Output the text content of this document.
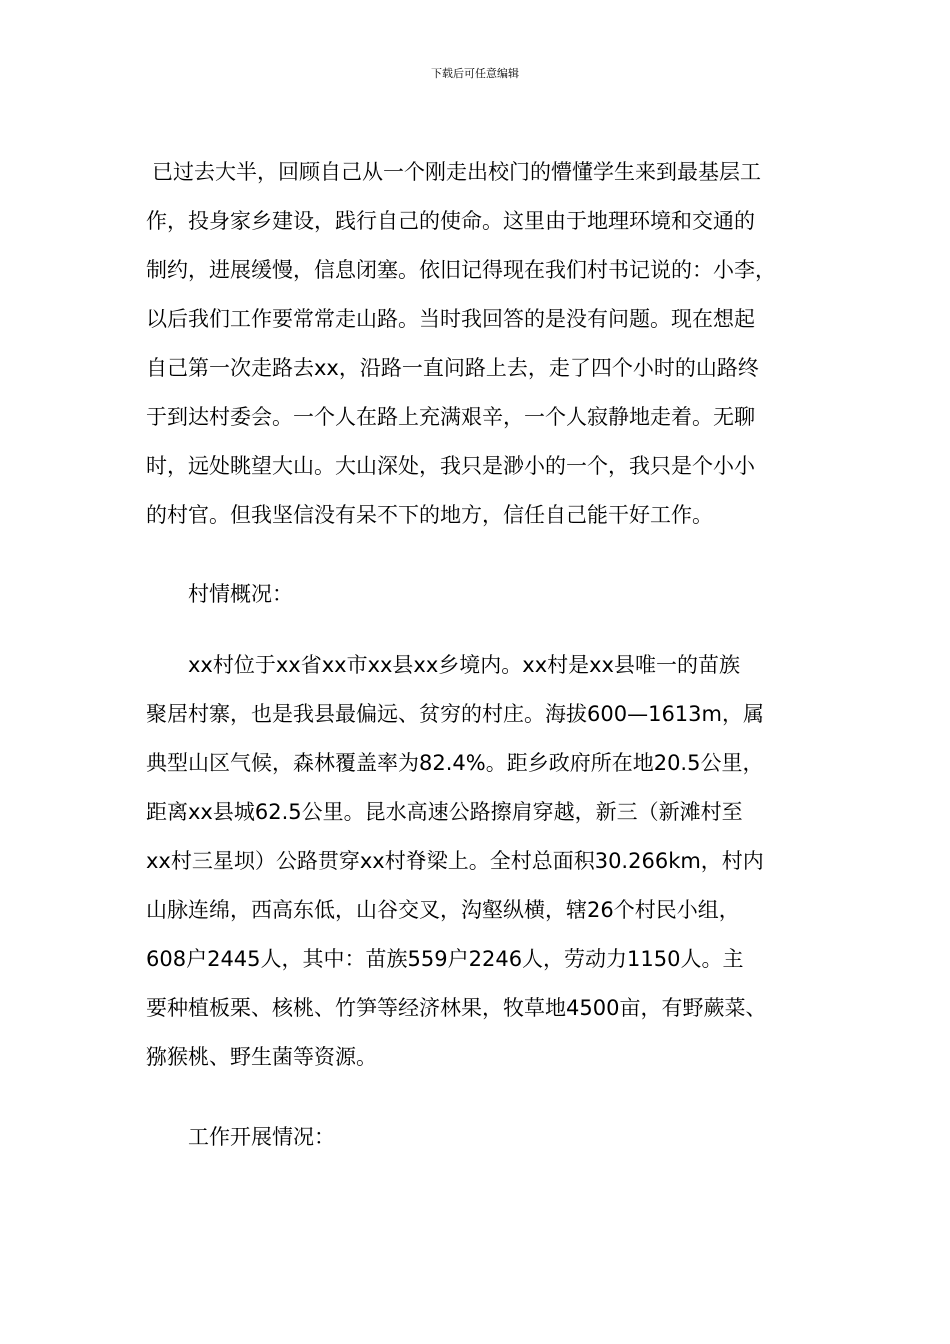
下载后可任意编辑
已过去大半，回顾自己从一个刚走出校门的懵懂学生来到最基层工
作，投身家乡建设，践行自己的使命。这里由于地理环境和交通的
制约，进展缓慢，信息闭塞。依旧记得现在我们村书记说的：小李，
以后我们工作要常常走山路。当时我回答的是没有问题。现在想起
自己第一次走路去xx，沿路一直问路上去，走了四个小时的山路终
于到达村委会。一个人在路上充满艰辛，一个人寂静地走着。无聊
时，远处眺望大山。大山深处，我只是渺小的一个，我只是个小小
的村官。但我坚信没有呆不下的地方，信任自己能干好工作。
村情概况：
xx村位于xx省xx市xx县xx乡境内。xx村是xx县唯一的苗族
聚居村寨，也是我县最偏远、贫穷的村庄。海拔600—1613m，属
典型山区气候，森林覆盖率为82.4%。距乡政府所在地20.5公里，
距离xx县城62.5公里。昆水高速公路擦肩穿越，新三（新滩村至
xx村三星坝）公路贯穿xx村脊梁上。全村总面积30.266km，村内
山脉连绵，西高东低，山谷交叉，沟壑纵横，辖26个村民小组，
608户2445人，其中：苗族559户2246人，劳动力1150人。主
要种植板栗、核桃、竹笋等经济林果，牧草地4500亩，有野蕨菜、
猕猴桃、野生菌等资源。
工作开展情况：
